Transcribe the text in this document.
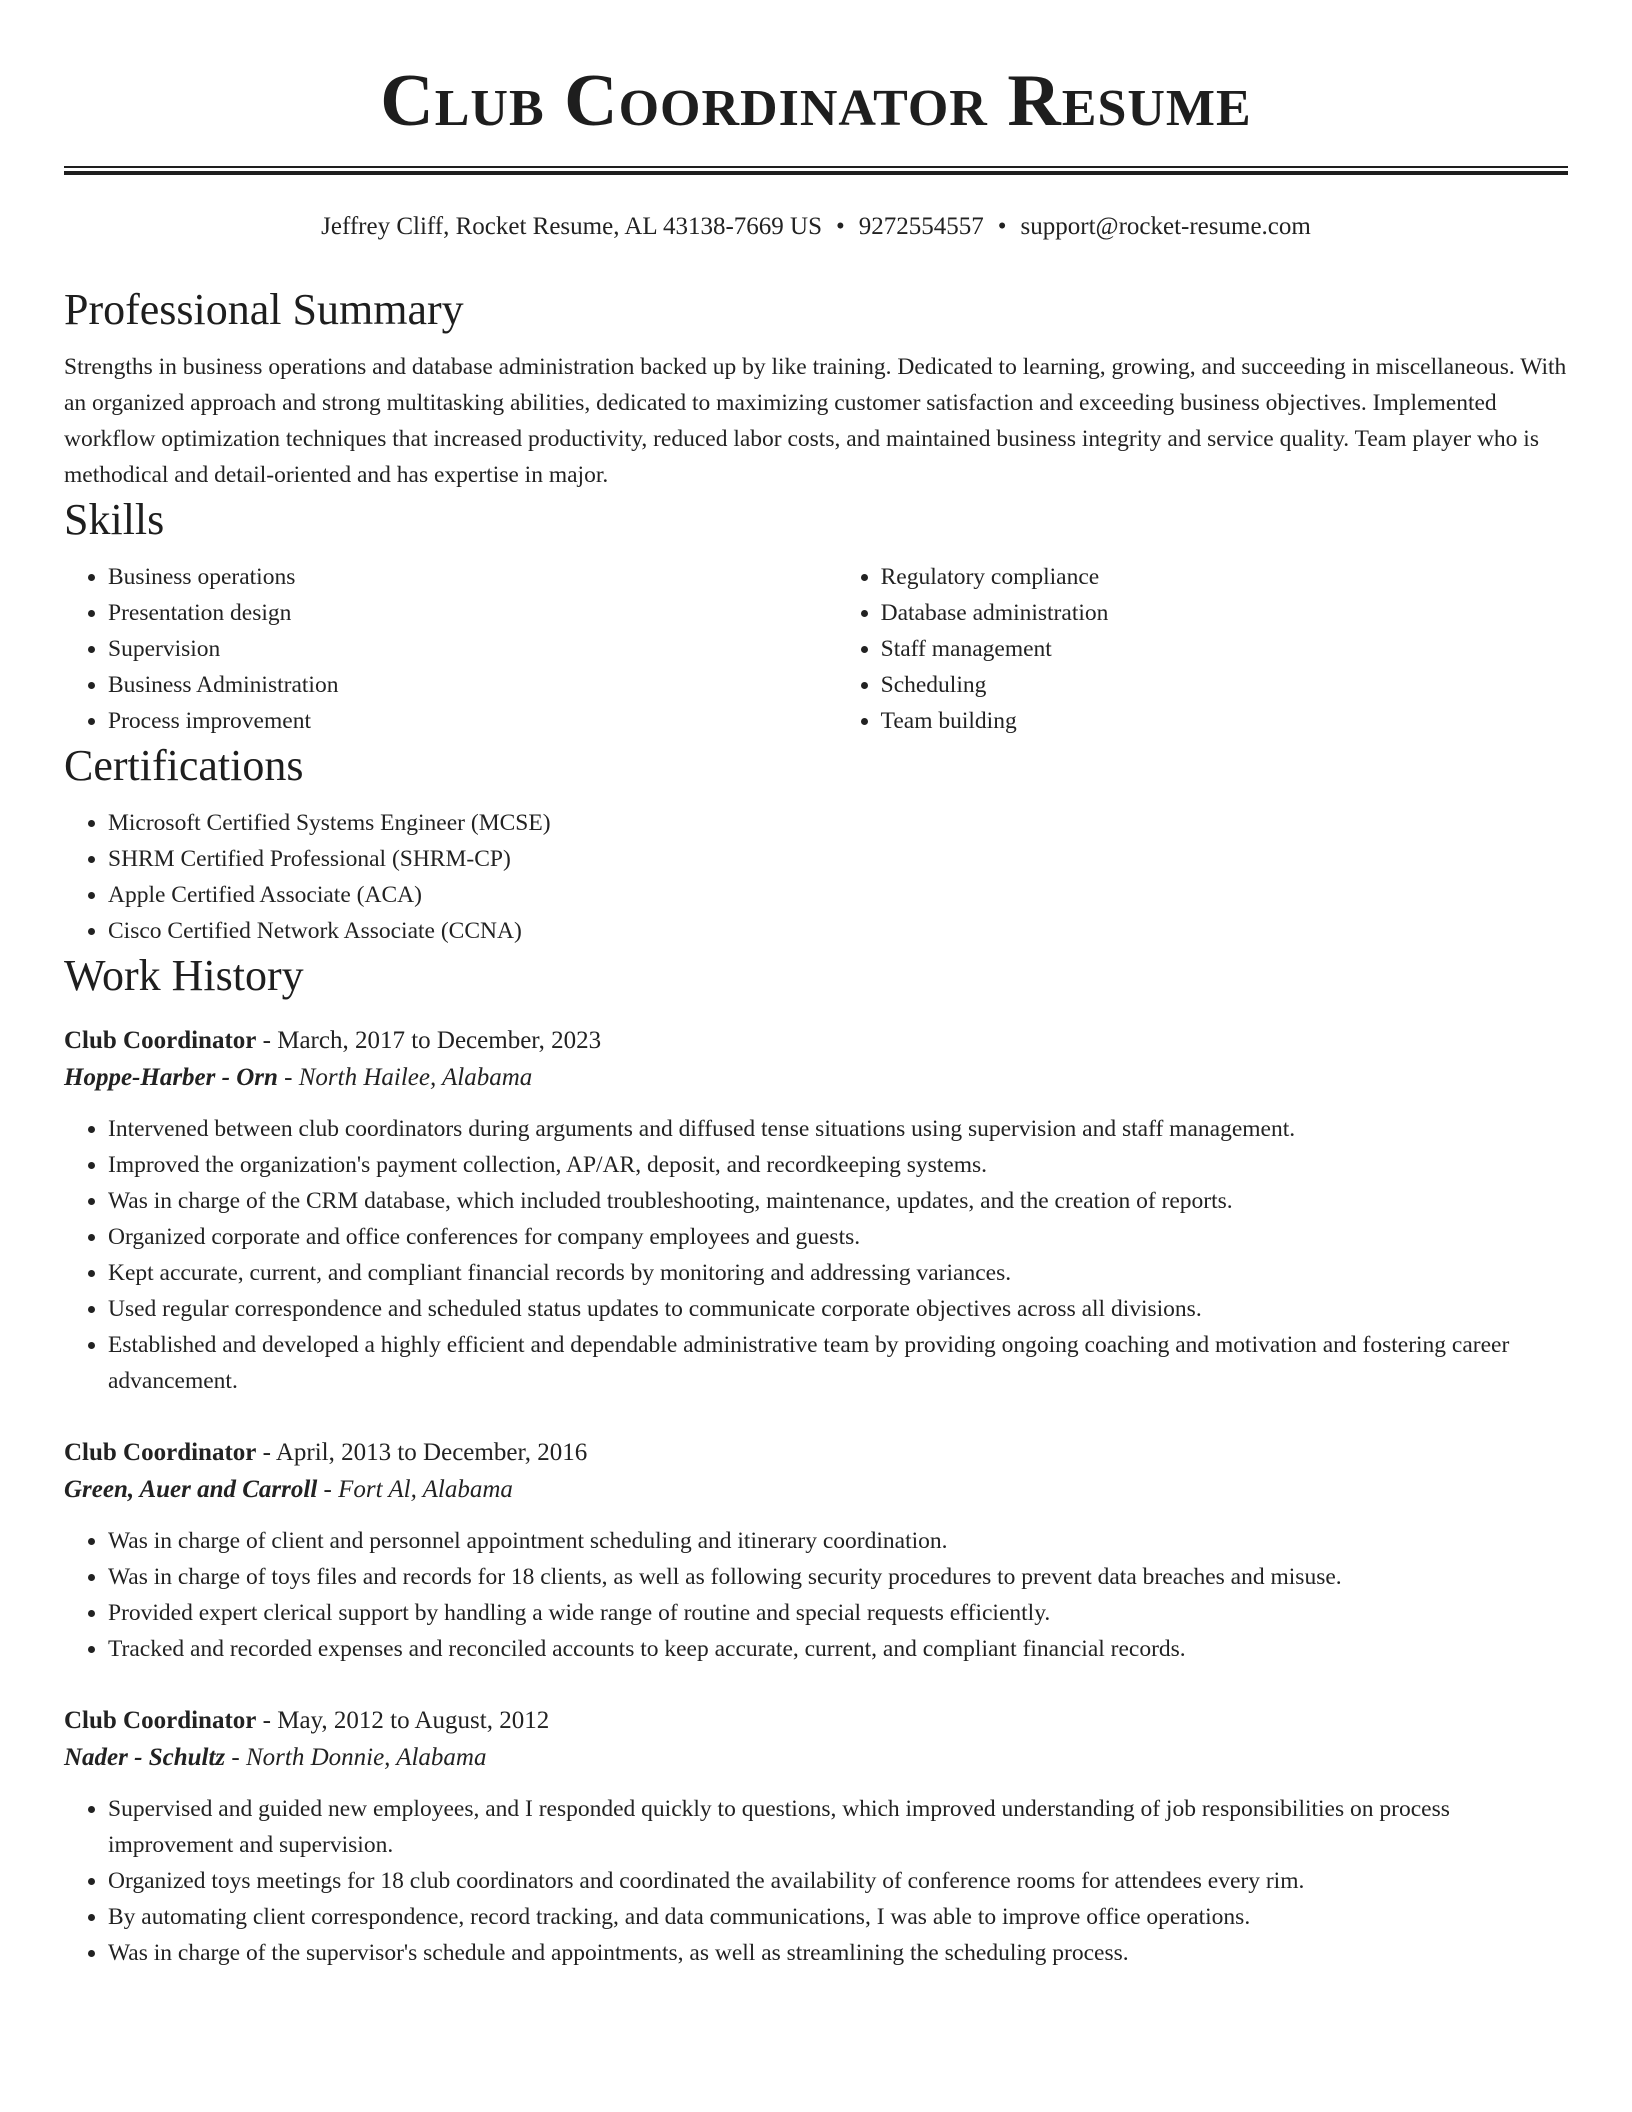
Club Coordinator Resume
Jeffrey Cliff, Rocket Resume, AL 43138-7669 US • 9272554557 • support@rocket-resume.com
Professional Summary

Strengths in business operations and database administration backed up by like training. Dedicated to learning, growing, and succeeding in miscellaneous. With an organized approach and strong multitasking abilities, dedicated to maximizing customer satisfaction and exceeding business objectives. Implemented workflow optimization techniques that increased productivity, reduced labor costs, and maintained business integrity and service quality. Team player who is methodical and detail-oriented and has expertise in major.

Skills
• Business operations
• Presentation design
• Supervision
• Business Administration
• Process improvement
• Regulatory compliance
• Database administration
• Staff management
• Scheduling
• Team building
Certifications
• Microsoft Certified Systems Engineer (MCSE)
• SHRM Certified Professional (SHRM-CP)
• Apple Certified Associate (ACA)
• Cisco Certified Network Associate (CCNA)
Work History
Club Coordinator - March, 2017 to December, 2023
Hoppe-Harber - Orn - North Hailee, Alabama
• Intervened between club coordinators during arguments and diffused tense situations using supervision and staff management.
• Improved the organization's payment collection, AP/AR, deposit, and recordkeeping systems.
• Was in charge of the CRM database, which included troubleshooting, maintenance, updates, and the creation of reports.
• Organized corporate and office conferences for company employees and guests.
• Kept accurate, current, and compliant financial records by monitoring and addressing variances.
• Used regular correspondence and scheduled status updates to communicate corporate objectives across all divisions.
• Established and developed a highly efficient and dependable administrative team by providing ongoing coaching and motivation and fostering career advancement.
Club Coordinator - April, 2013 to December, 2016
Green, Auer and Carroll - Fort Al, Alabama
• Was in charge of client and personnel appointment scheduling and itinerary coordination.
• Was in charge of toys files and records for 18 clients, as well as following security procedures to prevent data breaches and misuse.
• Provided expert clerical support by handling a wide range of routine and special requests efficiently.
• Tracked and recorded expenses and reconciled accounts to keep accurate, current, and compliant financial records.
Club Coordinator - May, 2012 to August, 2012
Nader - Schultz - North Donnie, Alabama
• Supervised and guided new employees, and I responded quickly to questions, which improved understanding of job responsibilities on process improvement and supervision.
• Organized toys meetings for 18 club coordinators and coordinated the availability of conference rooms for attendees every rim.
• By automating client correspondence, record tracking, and data communications, I was able to improve office operations.
• Was in charge of the supervisor's schedule and appointments, as well as streamlining the scheduling process.
